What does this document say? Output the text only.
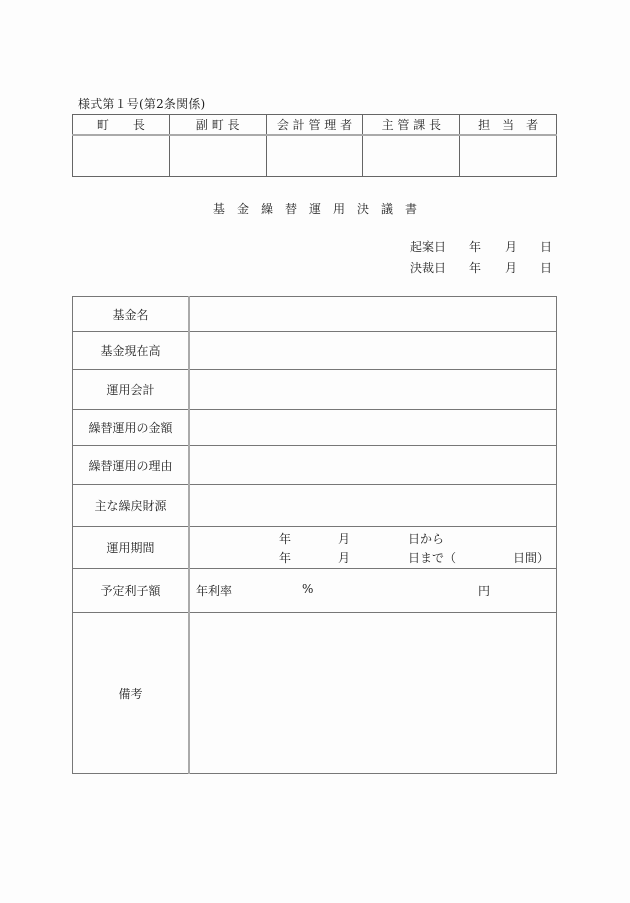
様式第１号(第2条関係)
町　　長	副 町 長	会 計 管 理 者	主 管 課 長	担　当　者

基 金 繰 替 運 用 決 議 書
起案日 年 月 日
決裁日 年 月 日
基金名	
基金現在高	
運用会計	
繰替運用の金額	
繰替運用の理由	
主な繰戻財源	
運用期間	
年	月	日から
年	月	日まで（	日間）

予定利子額	年利率 % 円

備考	
